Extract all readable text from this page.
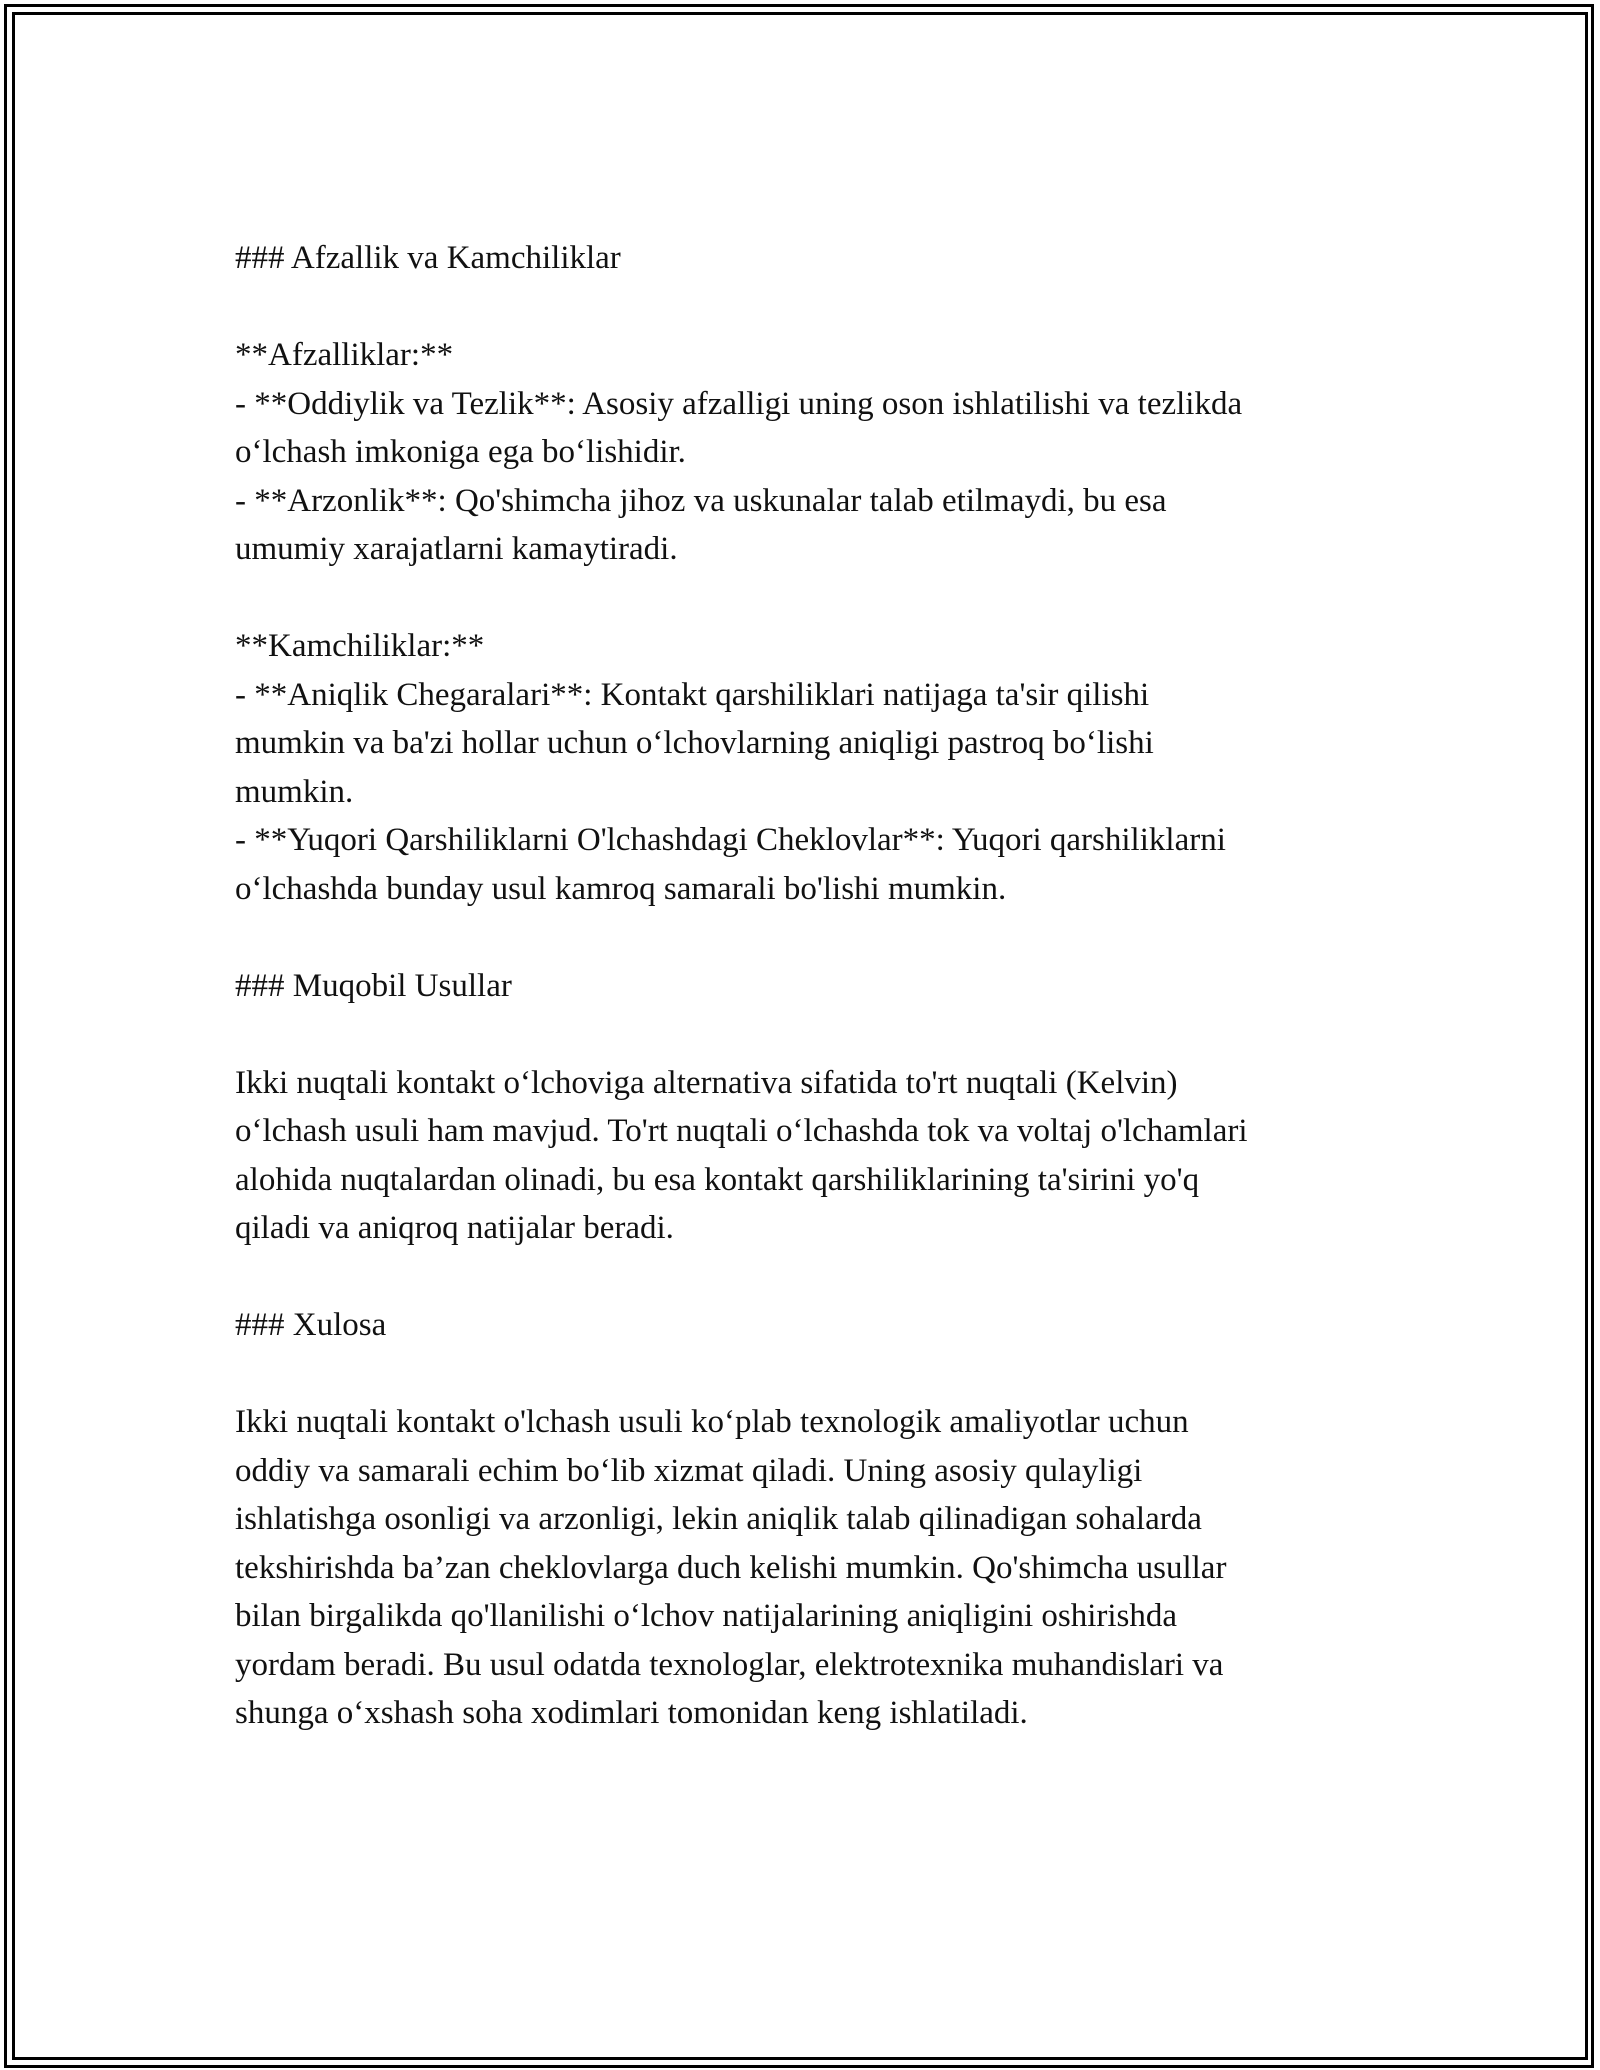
### Afzallik va Kamchiliklar
**Afzalliklar:**
- **Oddiylik va Tezlik**: Asosiy afzalligi uning oson ishlatilishi va tezlikda
o‘lchash imkoniga ega bo‘lishidir.
- **Arzonlik**: Qo'shimcha jihoz va uskunalar talab etilmaydi, bu esa
umumiy xarajatlarni kamaytiradi.
**Kamchiliklar:**
- **Aniqlik Chegaralari**: Kontakt qarshiliklari natijaga ta'sir qilishi
mumkin va ba'zi hollar uchun o‘lchovlarning aniqligi pastroq bo‘lishi
mumkin.
- **Yuqori Qarshiliklarni O'lchashdagi Cheklovlar**: Yuqori qarshiliklarni
o‘lchashda bunday usul kamroq samarali bo'lishi mumkin.
### Muqobil Usullar
Ikki nuqtali kontakt o‘lchoviga alternativa sifatida to'rt nuqtali (Kelvin)
o‘lchash usuli ham mavjud. To'rt nuqtali o‘lchashda tok va voltaj o'lchamlari
alohida nuqtalardan olinadi, bu esa kontakt qarshiliklarining ta'sirini yo'q
qiladi va aniqroq natijalar beradi.
### Xulosa
Ikki nuqtali kontakt o'lchash usuli ko‘plab texnologik amaliyotlar uchun
oddiy va samarali echim bo‘lib xizmat qiladi. Uning asosiy qulayligi
ishlatishga osonligi va arzonligi, lekin aniqlik talab qilinadigan sohalarda
tekshirishda ba’zan cheklovlarga duch kelishi mumkin. Qo'shimcha usullar
bilan birgalikda qo'llanilishi o‘lchov natijalarining aniqligini oshirishda
yordam beradi. Bu usul odatda texnologlar, elektrotexnika muhandislari va
shunga o‘xshash soha xodimlari tomonidan keng ishlatiladi.
